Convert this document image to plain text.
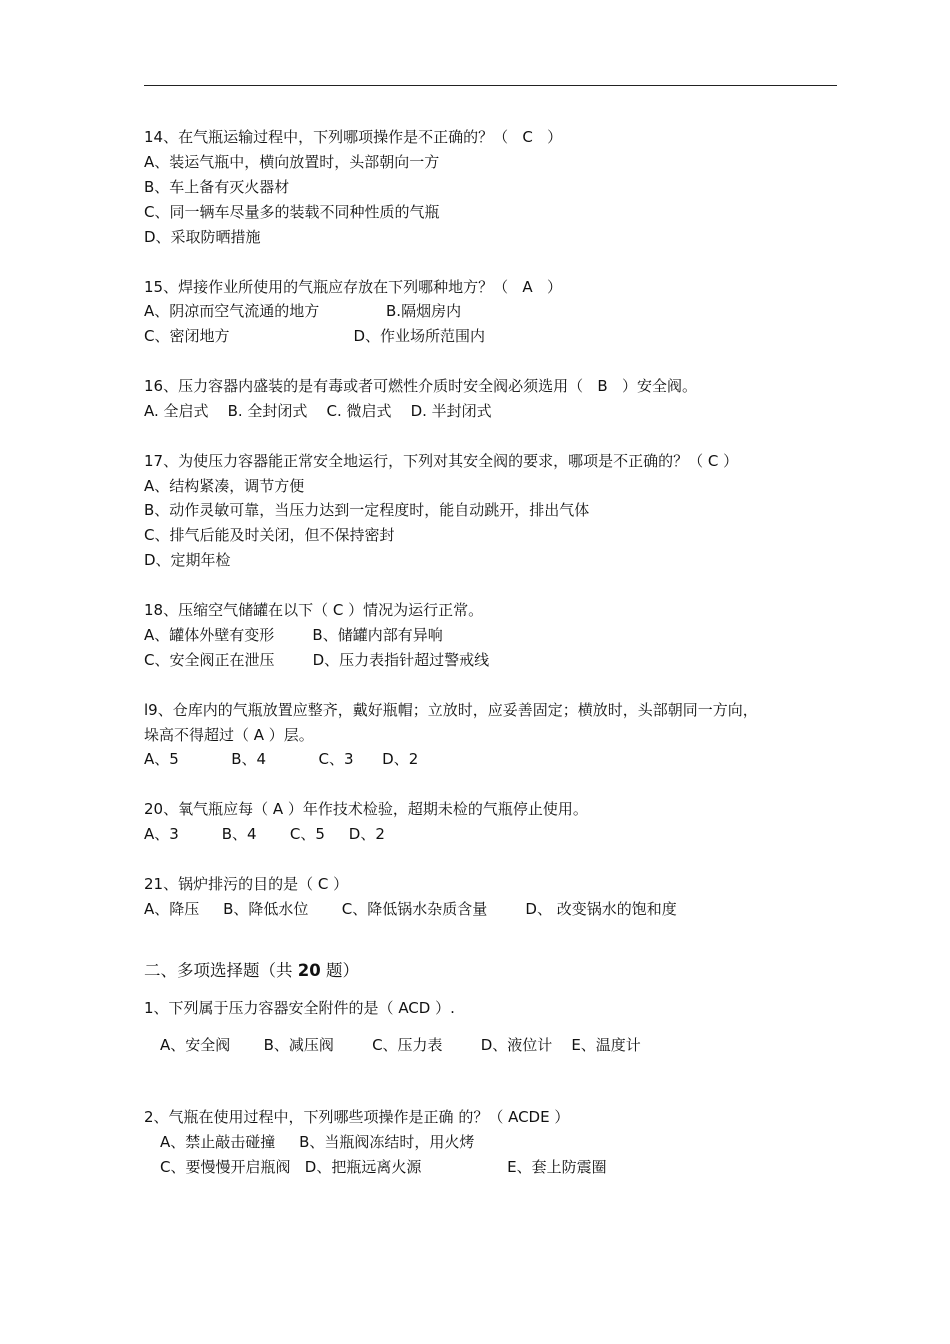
14、在气瓶运输过程中，下列哪项操作是不正确的？（   C   ）
A、装运气瓶中，横向放置时，头部朝向一方
B、车上备有灭火器材
C、同一辆车尽量多的装载不同种性质的气瓶
D、采取防晒措施
15、焊接作业所使用的气瓶应存放在下列哪种地方？（   A   ）
A、阴凉而空气流通的地方              B.隔烟房内
C、密闭地方                          D、作业场所范围内
16、压力容器内盛装的是有毒或者可燃性介质时安全阀必须选用（   B   ）安全阀。
A. 全启式    B. 全封闭式    C. 微启式    D. 半封闭式
17、为使压力容器能正常安全地运行，下列对其安全阀的要求，哪项是不正确的？（ C ）
A、结构紧凑，调节方便
B、动作灵敏可靠，当压力达到一定程度时，能自动跳开，排出气体
C、排气后能及时关闭，但不保持密封
D、定期年检
18、压缩空气储罐在以下（ C ）情况为运行正常。
A、罐体外壁有变形        B、储罐内部有异响
C、安全阀正在泄压        D、压力表指针超过警戒线
l9、仓库内的气瓶放置应整齐，戴好瓶帽；立放时，应妥善固定；横放时，头部朝同一方向，
垛高不得超过（ A ）层。
A、5           B、4           C、3      D、2
20、氧气瓶应每（ A ）年作技术检验，超期未检的气瓶停止使用。
A、3         B、4       C、5     D、2
21、锅炉排污的目的是（ C ）
A、降压     B、降低水位       C、降低锅水杂质含量        D、 改变锅水的饱和度
二、多项选择题（共 20 题）
1、下列属于压力容器安全附件的是（ ACD ）.
A、安全阀       B、减压阀        C、压力表        D、液位计    E、温度计
2、气瓶在使用过程中，下列哪些项操作是正确 的？（ ACDE ）
A、禁止敲击碰撞     B、当瓶阀冻结时，用火烤
C、要慢慢开启瓶阀   D、把瓶远离火源                  E、套上防震圈
